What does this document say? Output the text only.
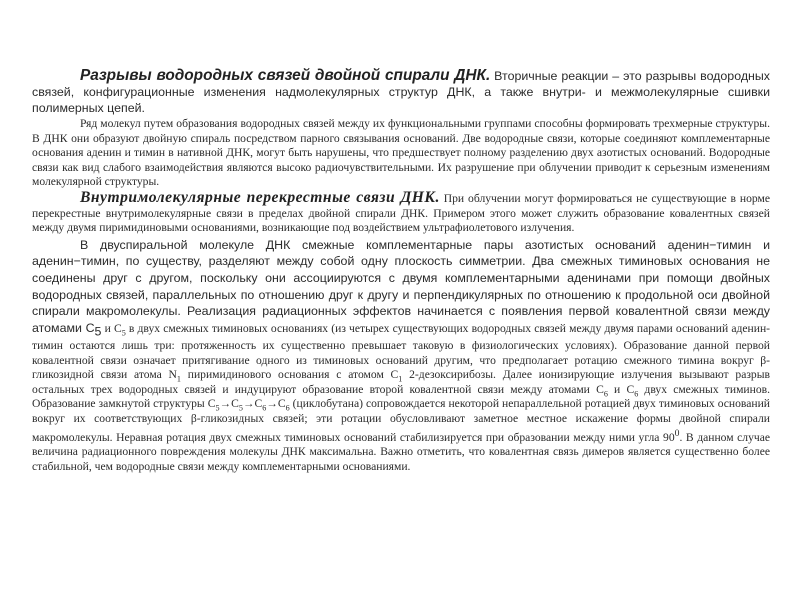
Разрывы водородных связей двойной спирали ДНК. Вторичные реакции – это разрывы водородных связей, конфигурационные изменения надмолекулярных структур ДНК, а также внутри- и межмолекулярные сшивки полимерных цепей.

Ряд молекул путем образования водородных связей между их функциональными группами способны формировать трехмерные структуры. В ДНК они образуют двойную спираль посредством парного связывания оснований. Две водородные связи, которые соединяют комплементарные основания аденин и тимин в нативной ДНК, могут быть нарушены, что предшествует полному разделению двух азотистых оснований. Водородные связи как вид слабого взаимодействия являются высоко радиочувствительными. Их разрушение при облучении приводит к серьезным изменениям молекулярной структуры.

Внутримолекулярные перекрестные связи ДНК. При облучении могут формироваться не существующие в норме перекрестные внутримолекулярные связи в пределах двойной спирали ДНК. Примером этого может служить образование ковалентных связей между двумя пиримидиновыми основаниями, возникающие под воздействием ультрафиолетового излучения.

В двуспиральной молекуле ДНК смежные комплементарные пары азотистых оснований аденин−тимин и аденин−тимин, по существу, разделяют между собой одну плоскость симметрии. Два смежных тиминовых основания не соединены друг с другом, поскольку они ассоциируются с двумя комплементарными аденинами при помощи двойных водородных связей, параллельных по отношению друг к другу и перпендикулярных по отношению к продольной оси двойной спирали макромолекулы. Реализация радиационных эффектов начинается с появления первой ковалентной связи между атомами $С_5$ и $С_5$ в двух смежных тиминовых основаниях (из четырех существующих водородных связей между двумя парами оснований аденин-тимин остаются лишь три: протяженность их существенно превышает таковую в физиологических условиях). Образование данной первой ковалентной связи означает притягивание одного из тиминовых оснований другим, что предполагает ротацию смежного тимина вокруг β-гликозидной связи атома $N_1$ пиримидинового основания с атомом $С_1$ 2-дезоксирибозы. Далее ионизирующие излучения вызывают разрыв остальных трех водородных связей и индуцируют образование второй ковалентной связи между атомами $С_6$ и $С_6$ двух смежных тиминов. Образование замкнутой структуры $С_5\to С_5\to С_6\to С_6$ (циклобутана) сопровождается некоторой непараллельной ротацией двух тиминовых оснований вокруг их соответствующих β-гликозидных связей; эти ротации обусловливают заметное местное искажение формы двойной спирали макромолекулы. Неравная ротация двух смежных тиминовых оснований стабилизируется при образовании между ними угла $90^0$. В данном случае величина радиационного повреждения молекулы ДНК максимальна. Важно отметить, что ковалентная связь димеров является существенно более стабильной, чем водородные связи между комплементарными основаниями.
